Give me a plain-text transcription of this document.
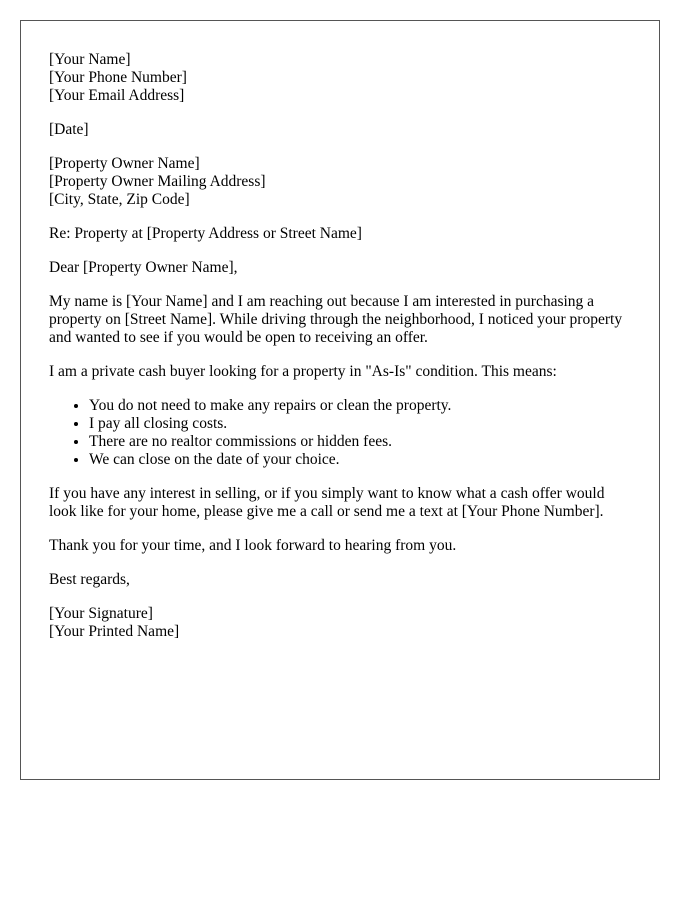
[Your Name]
[Your Phone Number]
[Your Email Address]
[Date]
[Property Owner Name]
[Property Owner Mailing Address]
[City, State, Zip Code]

Re: Property at [Property Address or Street Name]

Dear [Property Owner Name],

My name is [Your Name] and I am reaching out because I am interested in purchasing a property on [Street Name]. While driving through the neighborhood, I noticed your property and wanted to see if you would be open to receiving an offer.

I am a private cash buyer looking for a property in "As-Is" condition. This means:

• You do not need to make any repairs or clean the property.
• I pay all closing costs.
• There are no realtor commissions or hidden fees.
• We can close on the date of your choice.

If you have any interest in selling, or if you simply want to know what a cash offer would look like for your home, please give me a call or send me a text at [Your Phone Number].

Thank you for your time, and I look forward to hearing from you.

Best regards,

[Your Signature]
[Your Printed Name]
